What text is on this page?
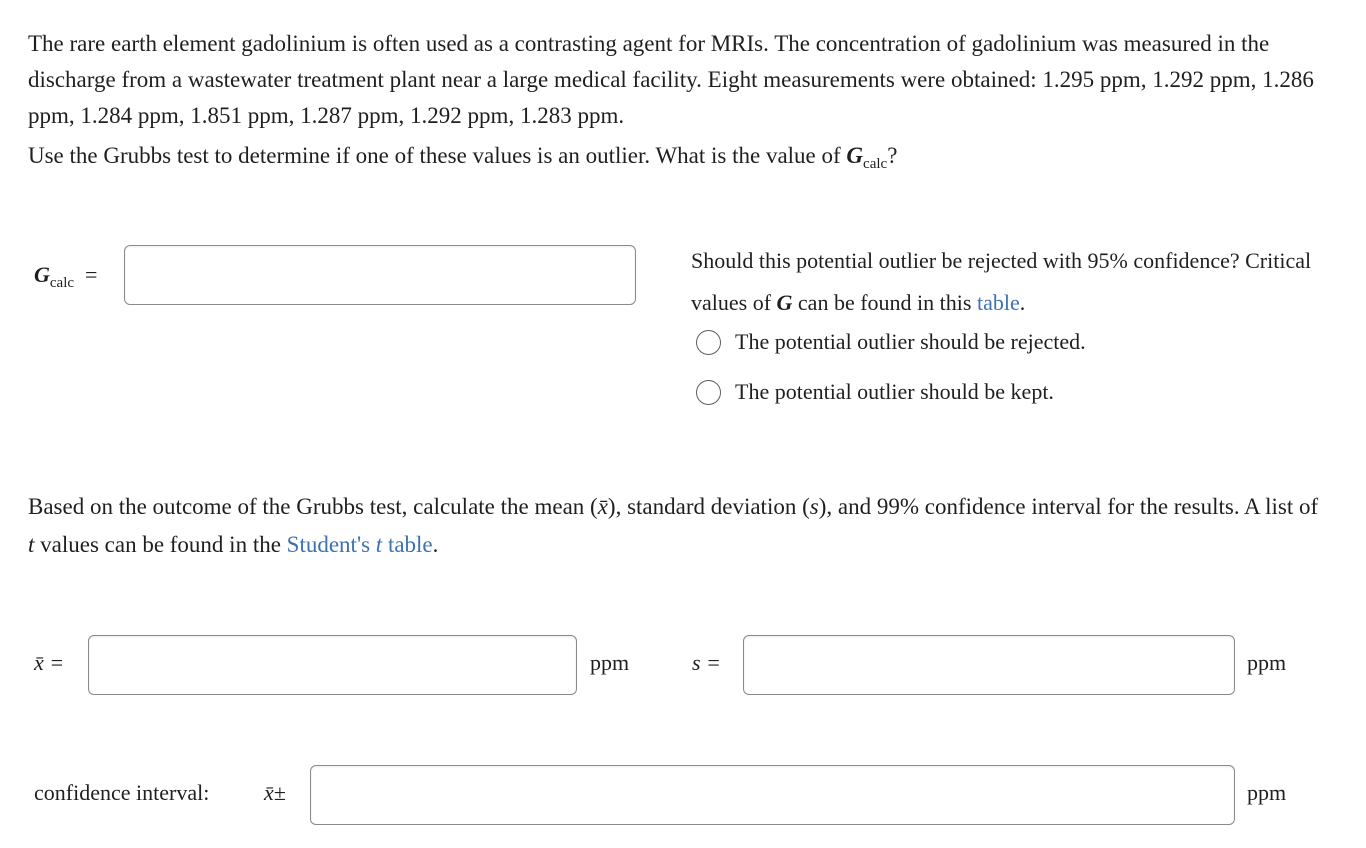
The rare earth element gadolinium is often used as a contrasting agent for MRIs. The concentration of gadolinium was measured in the discharge from a wastewater treatment plant near a large medical facility. Eight measurements were obtained: 1.295 ppm, 1.292 ppm, 1.286 ppm, 1.284 ppm, 1.851 ppm, 1.287 ppm, 1.292 ppm, 1.283 ppm.

Use the Grubbs test to determine if one of these values is an outlier. What is the value of $G_{calc}$?

$G_{calc}$ =

Should this potential outlier be rejected with 95% confidence? Critical values of G can be found in this table.

The potential outlier should be rejected.
The potential outlier should be kept.

Based on the outcome of the Grubbs test, calculate the mean (x̄), standard deviation (s), and 99% confidence interval for the results. A list of t values can be found in the Student's t table.

x̄ =	ppm	s =	ppm
confidence interval: x̄±	ppm
